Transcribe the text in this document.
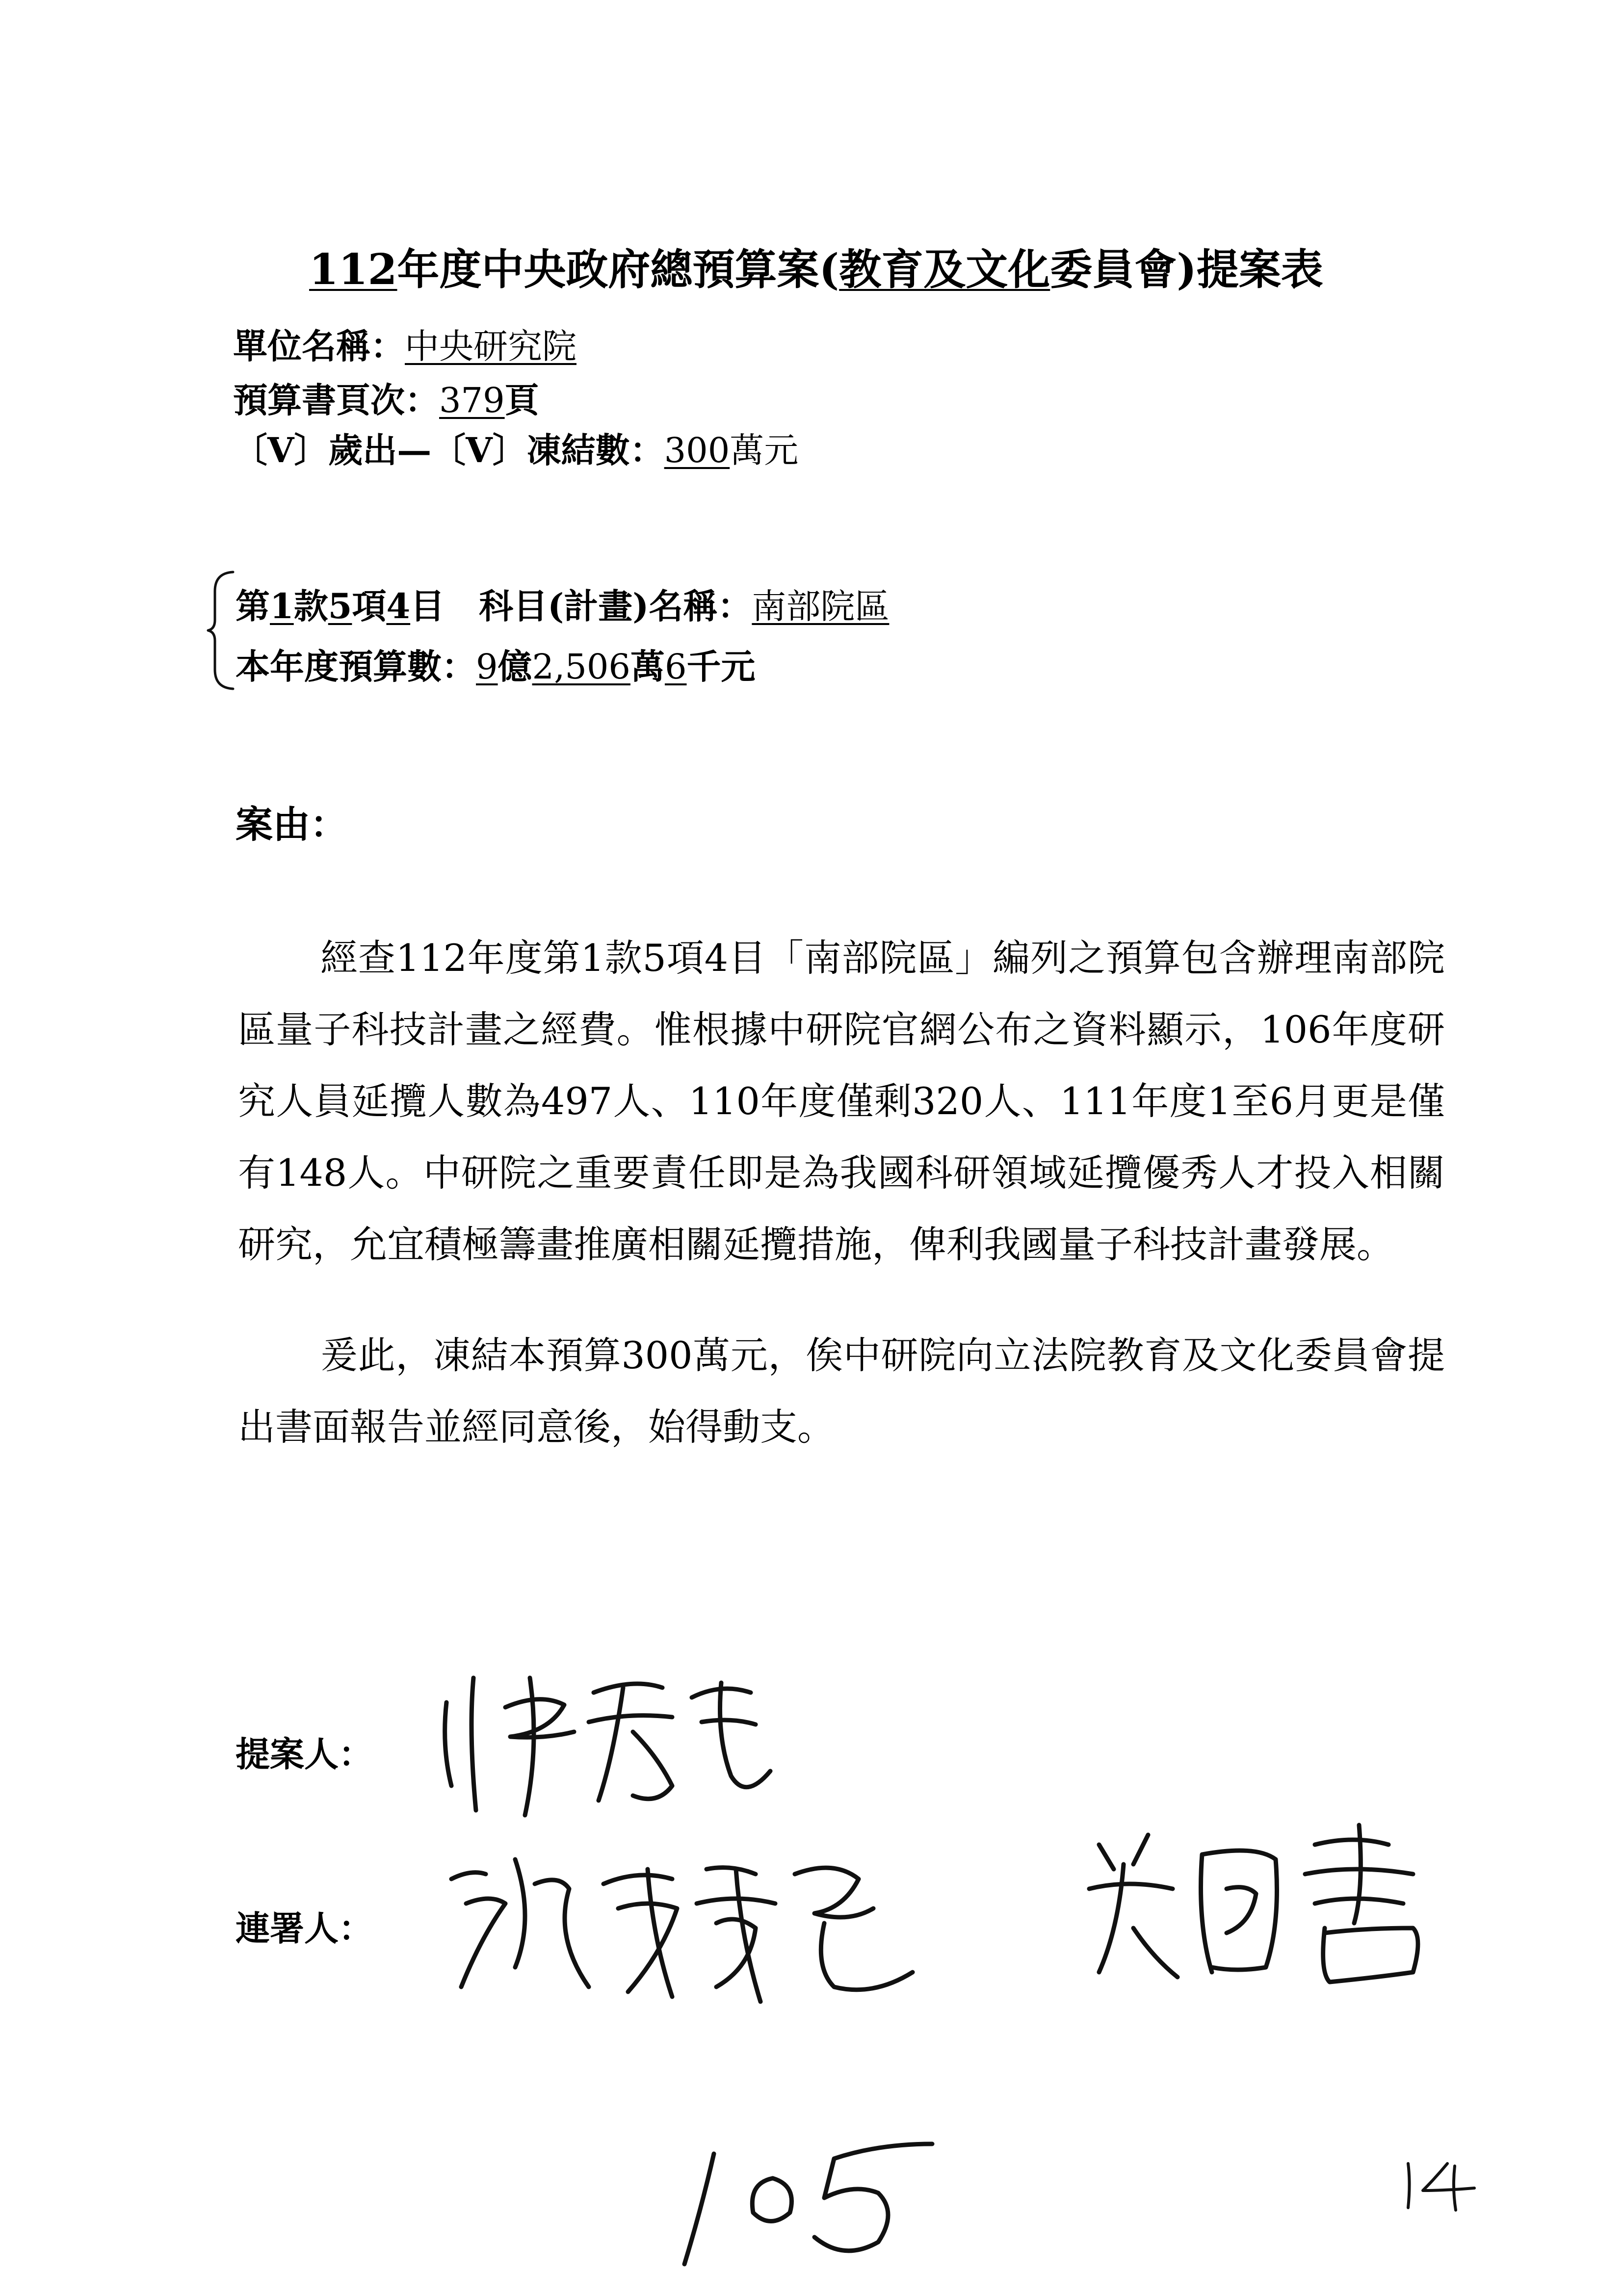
112年度中央政府總預算案(教育及文化委員會)提案表
單位名稱：中央研究院
預算書頁次：379頁
〔V〕歲出—〔V〕凍結數：300萬元
第1款5項4目　科目(計畫)名稱：南部院區
本年度預算數：9億2,506萬6千元
案由：
經查112年度第1款5項4目「南部院區」編列之預算包含辦理南部院區量子科技計畫之經費。惟根據中研院官網公布之資料顯示，106年度研究人員延攬人數為497人、110年度僅剩320人、111年度1至6月更是僅有148人。中研院之重要責任即是為我國科研領域延攬優秀人才投入相關研究，允宜積極籌畫推廣相關延攬措施，俾利我國量子科技計畫發展。
爰此，凍結本預算300萬元，俟中研院向立法院教育及文化委員會提出書面報告並經同意後，始得動支。
提案人：
連署人：
